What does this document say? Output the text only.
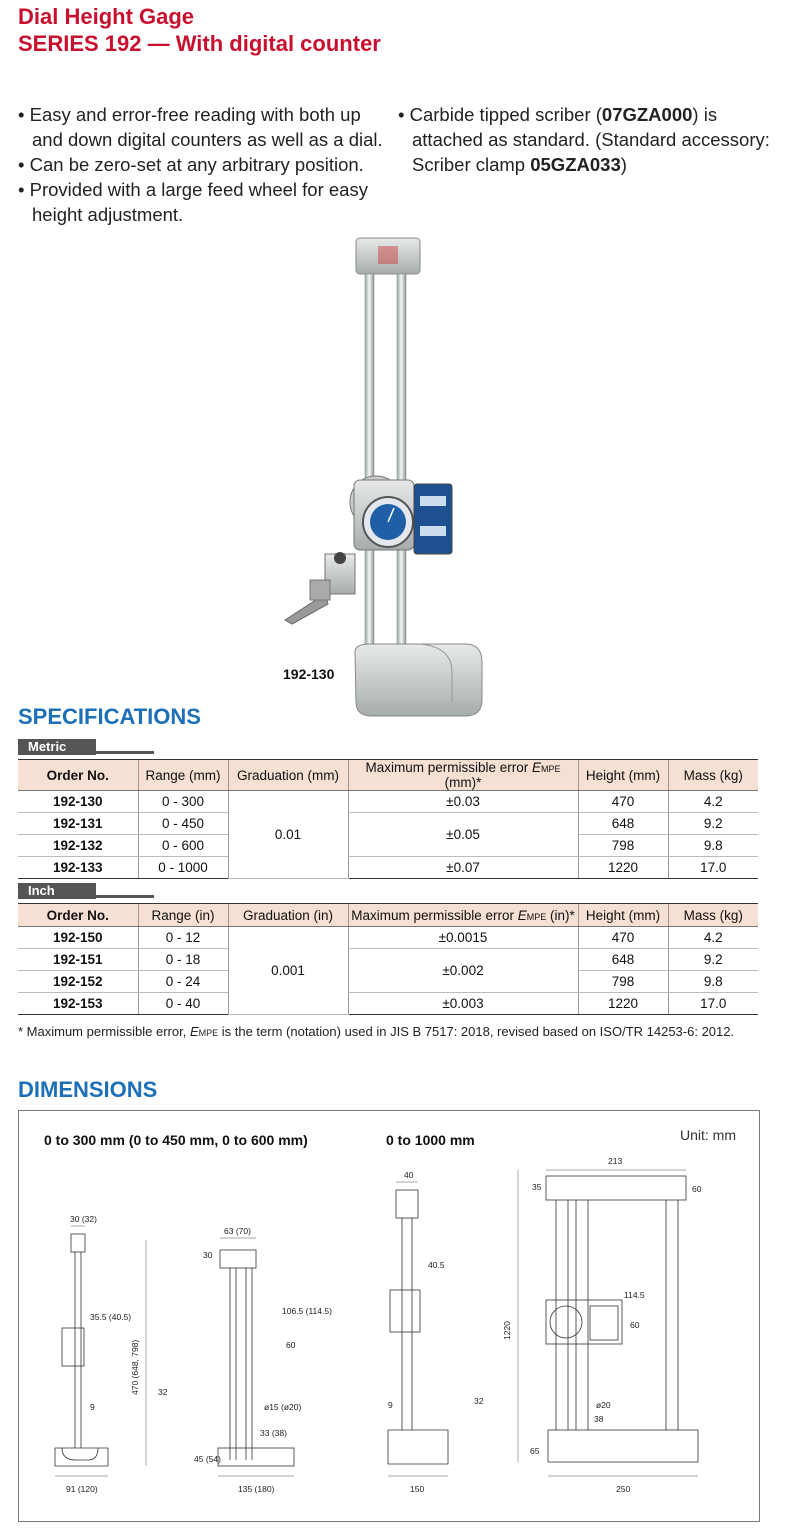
Dial Height Gage
SERIES 192 — With digital counter
• Easy and error-free reading with both up and down digital counters as well as a dial.
• Can be zero-set at any arbitrary position.
• Provided with a large feed wheel for easy height adjustment.
• Carbide tipped scriber (07GZA000) is attached as standard. (Standard accessory: Scriber clamp 05GZA033)
192-130
SPECIFICATIONS
Metric
Order No.	Range (mm)	Graduation (mm)	Maximum permissible error EMPE (mm)*	Height (mm)	Mass (kg)
192-130	0 - 300	0.01	±0.03	470	4.2
192-131	0 - 450		±0.05	648	9.2
192-132	0 - 600			798	9.8
192-133	0 - 1000		±0.07	1220	17.0
Inch
Order No.	Range (in)	Graduation (in)	Maximum permissible error EMPE (in)*	Height (mm)	Mass (kg)
192-150	0 - 12	0.001	±0.0015	470	4.2
192-151	0 - 18		±0.002	648	9.2
192-152	0 - 24			798	9.8
192-153	0 - 40		±0.003	1220	17.0
* Maximum permissible error, EMPE is the term (notation) used in JIS B 7517: 2018, revised based on ISO/TR 14253-6: 2012.
DIMENSIONS
0 to 300 mm (0 to 450 mm, 0 to 600 mm)	0 to 1000 mm	Unit: mm
30 (32)
35.5 (40.5)
9
91 (120)
63 (70)
30
106.5 (114.5)
60
470 (648, 798) 32
ø15 (ø20)
33 (38)
45 (54)
135 (180)
40
40.5
9
150
213
35	60
114.5
60
1220
32	ø20
38
65
250
